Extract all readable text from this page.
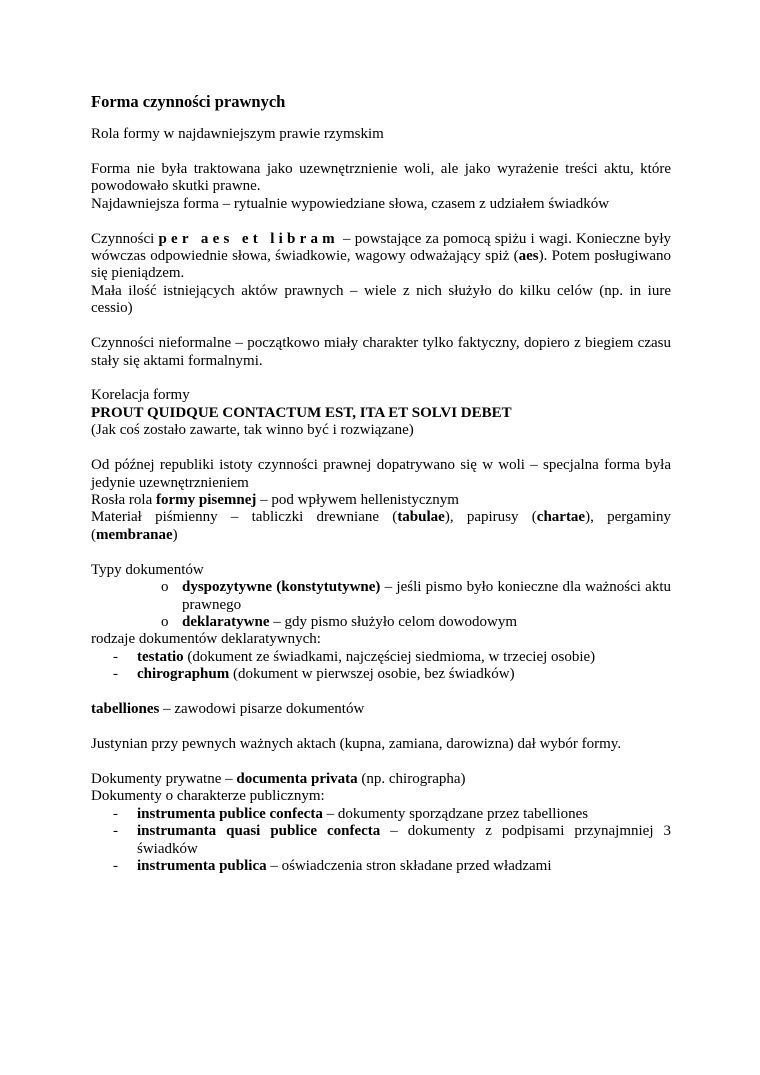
Forma czynności prawnych

Rola formy w najdawniejszym prawie rzymskim

Forma nie była traktowana jako uzewnętrznienie woli, ale jako wyrażenie treści aktu, które powodowało skutki prawne.

Najdawniejsza forma – rytualnie wypowiedziane słowa, czasem z udziałem świadków

Czynności per aes et libram – powstające za pomocą spiżu i wagi. Konieczne były wówczas odpowiednie słowa, świadkowie, wagowy odważający spiż (aes). Potem posługiwano się pieniądzem.

Mała ilość istniejących aktów prawnych – wiele z nich służyło do kilku celów (np. in iure cessio)

Czynności nieformalne – początkowo miały charakter tylko faktyczny, dopiero z biegiem czasu stały się aktami formalnymi.

Korelacja formy

PROUT QUIDQUE CONTACTUM EST, ITA ET SOLVI DEBET

(Jak coś zostało zawarte, tak winno być i rozwiązane)

Od późnej republiki istoty czynności prawnej dopatrywano się w woli – specjalna forma była jedynie uzewnętrznieniem

Rosła rola formy pisemnej – pod wpływem hellenistycznym

Materiał piśmienny – tabliczki drewniane (tabulae), papirusy (chartae), pergaminy (membranae)

Typy dokumentów

o dyspozytywne (konstytutywne) – jeśli pismo było konieczne dla ważności aktu prawnego
o deklaratywne – gdy pismo służyło celom dowodowym

rodzaje dokumentów deklaratywnych:

- testatio (dokument ze świadkami, najczęściej siedmioma, w trzeciej osobie)
- chirographum (dokument w pierwszej osobie, bez świadków)

tabelliones – zawodowi pisarze dokumentów

Justynian przy pewnych ważnych aktach (kupna, zamiana, darowizna) dał wybór formy.

Dokumenty prywatne – documenta privata (np. chirographa)

Dokumenty o charakterze publicznym:

- instrumenta publice confecta – dokumenty sporządzane przez tabelliones
- instrumanta quasi publice confecta – dokumenty z podpisami przynajmniej 3 świadków
- instrumenta publica – oświadczenia stron składane przed władzami
